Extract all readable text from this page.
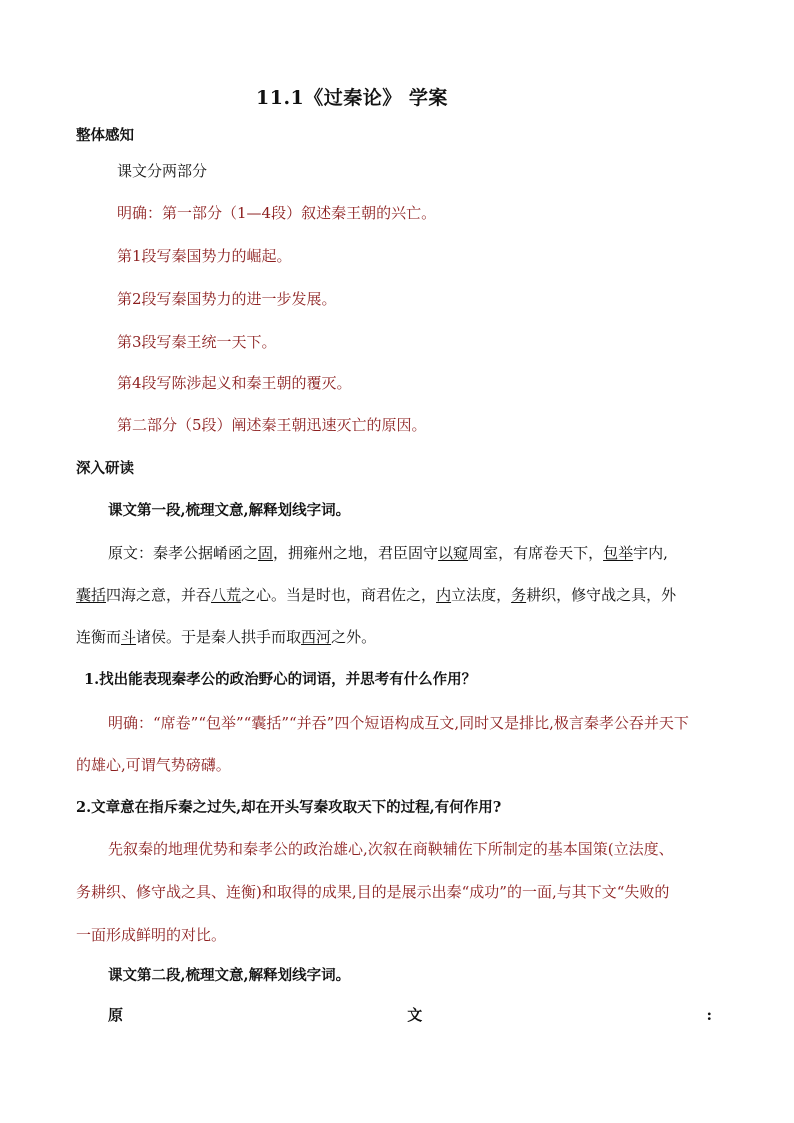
11.1《过秦论》 学案
整体感知
课文分两部分
明确：第一部分（1—4段）叙述秦王朝的兴亡。
第1段写秦国势力的崛起。
第2段写秦国势力的进一步发展。
第3段写秦王统一天下。
第4段写陈涉起义和秦王朝的覆灭。
第二部分（5段）阐述秦王朝迅速灭亡的原因。
深入研读
课文第一段,梳理文意,解释划线字词。
原文：秦孝公据崤函之固，拥雍州之地，君臣固守以窥周室，有席卷天下，包举宇内,
囊括四海之意，并吞八荒之心。当是时也，商君佐之，内立法度，务耕织，修守战之具，外
连衡而斗诸侯。于是秦人拱手而取西河之外。
1.找出能表现秦孝公的政治野心的词语，并思考有什么作用？
明确：“席卷”“包举”“囊括”“并吞”四个短语构成互文,同时又是排比,极言秦孝公吞并天下
的雄心,可谓气势磅礴。
2.文章意在指斥秦之过失,却在开头写秦攻取天下的过程,有何作用?
先叙秦的地理优势和秦孝公的政治雄心,次叙在商鞅辅佐下所制定的基本国策(立法度、
务耕织、修守战之具、连衡)和取得的成果,目的是展示出秦“成功”的一面,与其下文“失败的
一面形成鲜明的对比。
课文第二段,梳理文意,解释划线字词。
原	文	:
